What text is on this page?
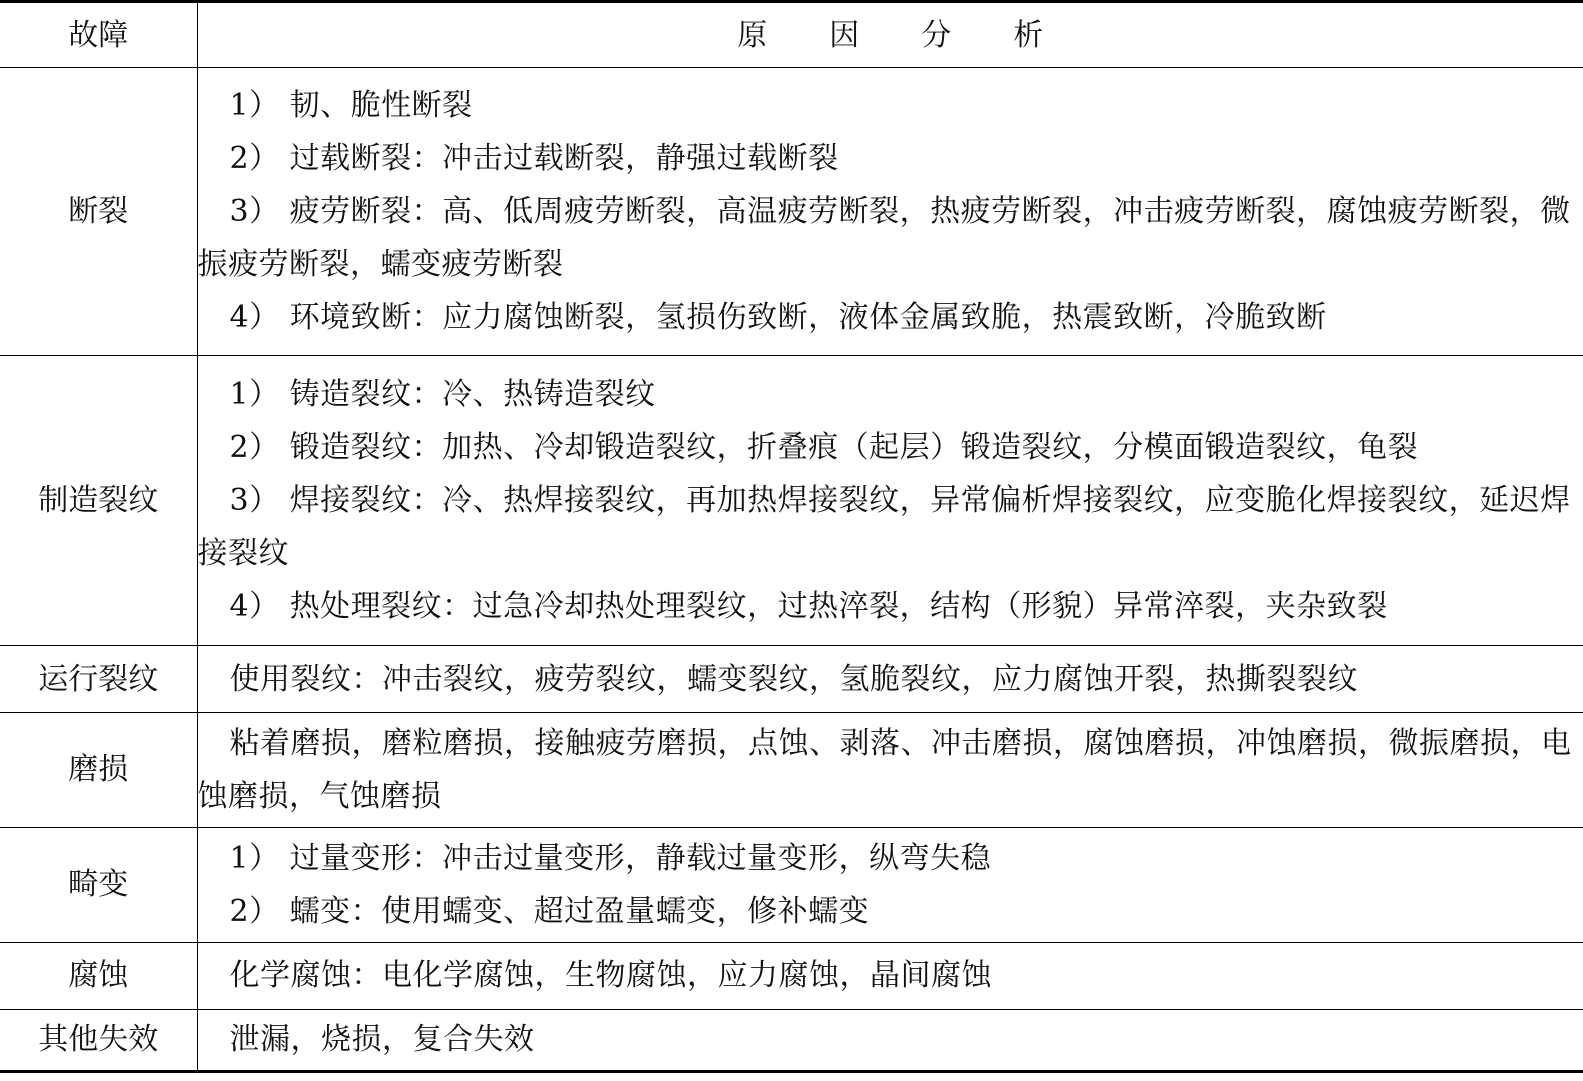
故障	原因分析
断裂	1） 韧、脆性断裂
2） 过载断裂：冲击过载断裂，静强过载断裂
3） 疲劳断裂：高、低周疲劳断裂，高温疲劳断裂，热疲劳断裂，冲击疲劳断裂，腐蚀疲劳断裂，微振疲劳断裂，蠕变疲劳断裂
4） 环境致断：应力腐蚀断裂，氢损伤致断，液体金属致脆，热震致断，冷脆致断

制造裂纹	1） 铸造裂纹：冷、热铸造裂纹
2） 锻造裂纹：加热、冷却锻造裂纹，折叠痕（起层）锻造裂纹，分模面锻造裂纹，龟裂
3） 焊接裂纹：冷、热焊接裂纹，再加热焊接裂纹，异常偏析焊接裂纹，应变脆化焊接裂纹，延迟焊接裂纹
4） 热处理裂纹：过急冷却热处理裂纹，过热淬裂，结构（形貌）异常淬裂，夹杂致裂

运行裂纹	使用裂纹：冲击裂纹，疲劳裂纹，蠕变裂纹，氢脆裂纹，应力腐蚀开裂，热撕裂裂纹

磨损	粘着磨损，磨粒磨损，接触疲劳磨损，点蚀、剥落、冲击磨损，腐蚀磨损，冲蚀磨损，微振磨损，电蚀磨损，气蚀磨损

畸变	1） 过量变形：冲击过量变形，静载过量变形，纵弯失稳
2） 蠕变：使用蠕变、超过盈量蠕变，修补蠕变

腐蚀	化学腐蚀：电化学腐蚀，生物腐蚀，应力腐蚀，晶间腐蚀

其他失效	泄漏，烧损，复合失效
